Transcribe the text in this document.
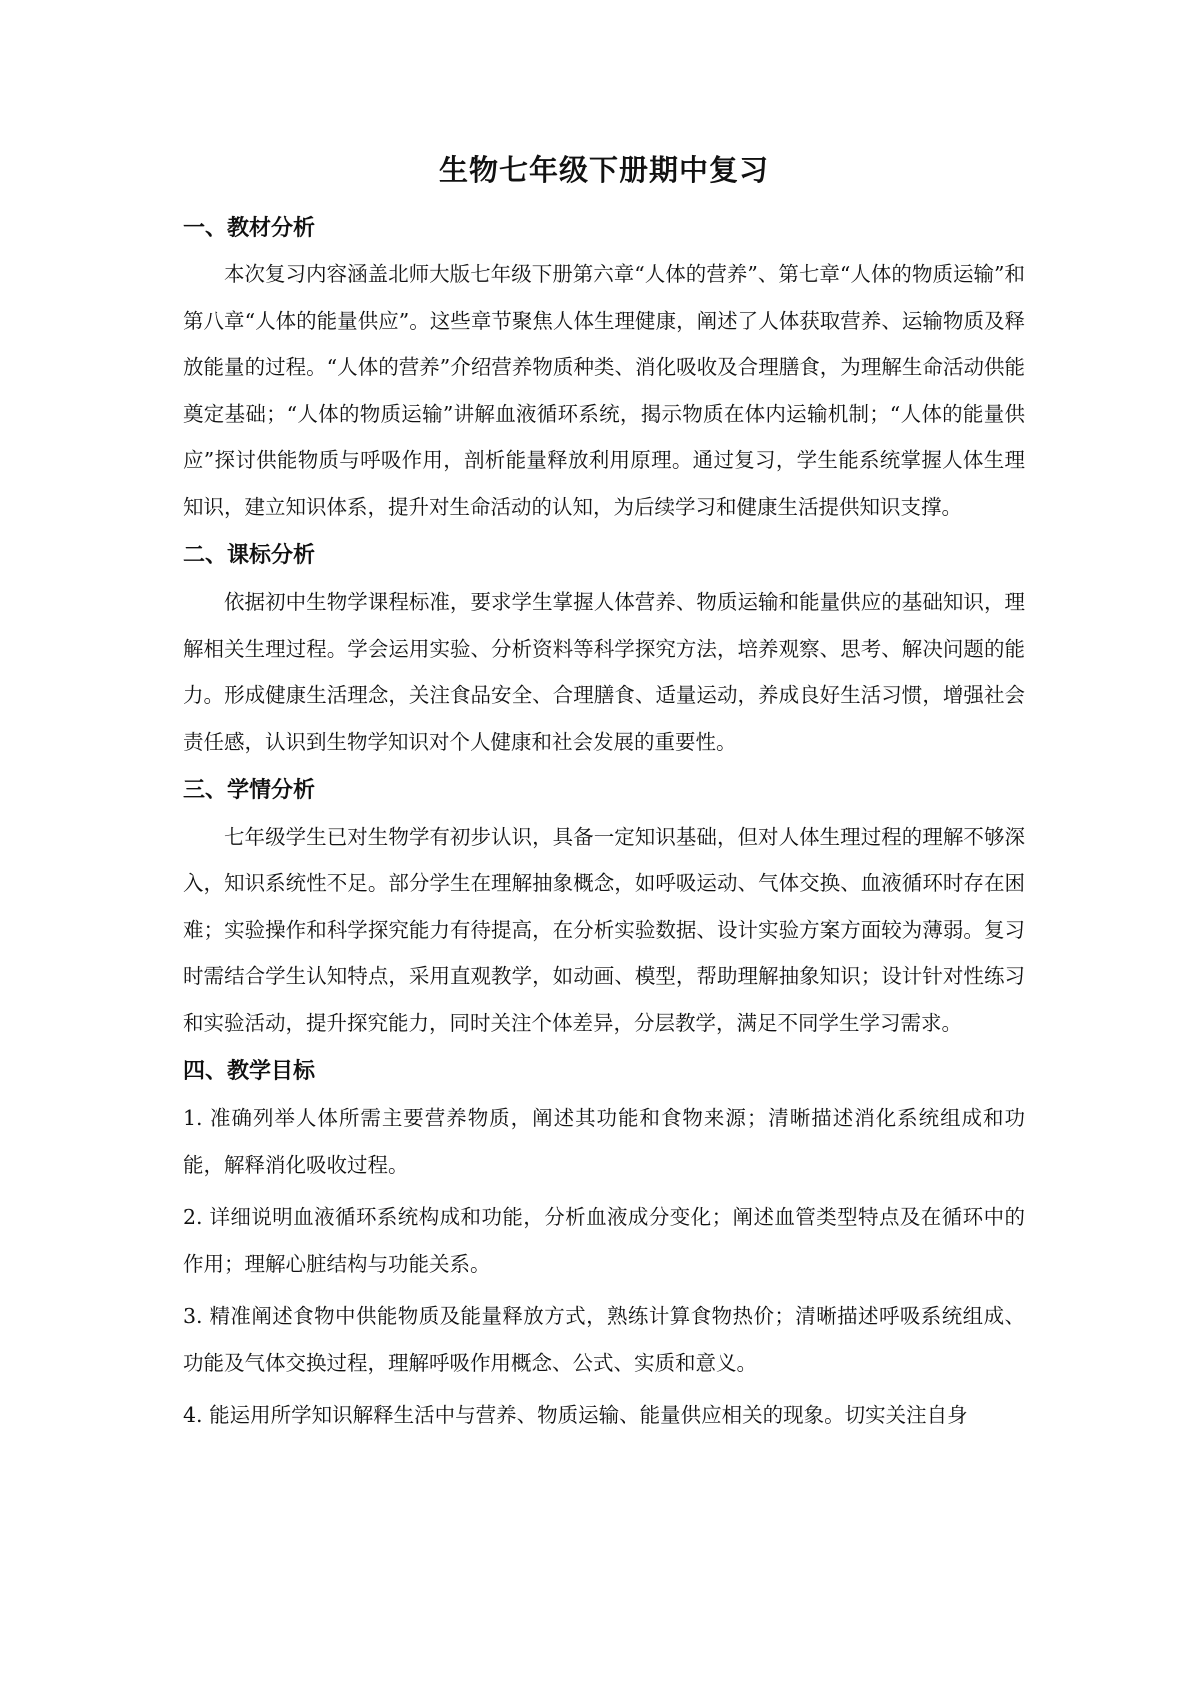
生物七年级下册期中复习
一、教材分析

本次复习内容涵盖北师大版七年级下册第六章“人体的营养”、第七章“人体的物质运输”和第八章“人体的能量供应”。这些章节聚焦人体生理健康，阐述了人体获取营养、运输物质及释放能量的过程。“人体的营养”介绍营养物质种类、消化吸收及合理膳食，为理解生命活动供能奠定基础；“人体的物质运输”讲解血液循环系统，揭示物质在体内运输机制；“人体的能量供应”探讨供能物质与呼吸作用，剖析能量释放利用原理。通过复习，学生能系统掌握人体生理知识，建立知识体系，提升对生命活动的认知，为后续学习和健康生活提供知识支撑。

二、课标分析

依据初中生物学课程标准，要求学生掌握人体营养、物质运输和能量供应的基础知识，理解相关生理过程。学会运用实验、分析资料等科学探究方法，培养观察、思考、解决问题的能力。形成健康生活理念，关注食品安全、合理膳食、适量运动，养成良好生活习惯，增强社会责任感，认识到生物学知识对个人健康和社会发展的重要性。

三、学情分析

七年级学生已对生物学有初步认识，具备一定知识基础，但对人体生理过程的理解不够深入，知识系统性不足。部分学生在理解抽象概念，如呼吸运动、气体交换、血液循环时存在困难；实验操作和科学探究能力有待提高，在分析实验数据、设计实验方案方面较为薄弱。复习时需结合学生认知特点，采用直观教学，如动画、模型，帮助理解抽象知识；设计针对性练习和实验活动，提升探究能力，同时关注个体差异，分层教学，满足不同学生学习需求。

四、教学目标

1. 准确列举人体所需主要营养物质，阐述其功能和食物来源；清晰描述消化系统组成和功能，解释消化吸收过程。

2. 详细说明血液循环系统构成和功能，分析血液成分变化；阐述血管类型特点及在循环中的作用；理解心脏结构与功能关系。

3. 精准阐述食物中供能物质及能量释放方式，熟练计算食物热价；清晰描述呼吸系统组成、功能及气体交换过程，理解呼吸作用概念、公式、实质和意义。

4. 能运用所学知识解释生活中与营养、物质运输、能量供应相关的现象。切实关注自身
